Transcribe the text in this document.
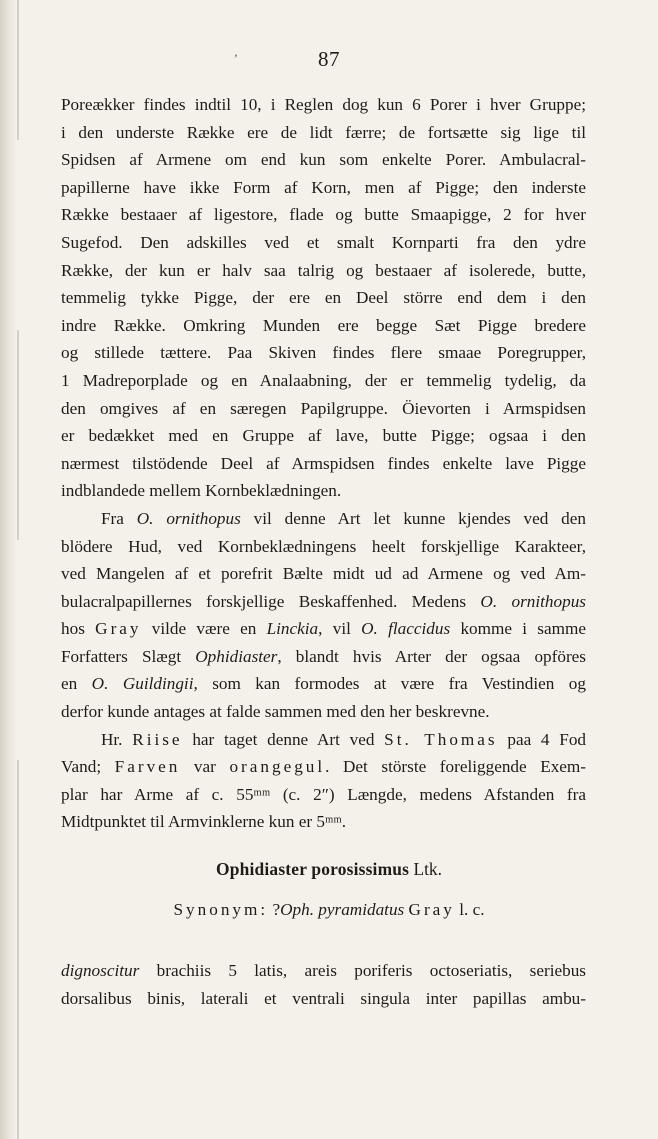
’	87
Poreækker findes indtil 10, i Reglen dog kun 6 Porer i hver Gruppe;
i den underste Række ere de lidt færre; de fortsætte sig lige til
Spidsen af Armene om end kun som enkelte Porer. Ambulacral-
papillerne have ikke Form af Korn, men af Pigge; den inderste
Række bestaaer af ligestore, flade og butte Smaapigge, 2 for hver
Sugefod. Den adskilles ved et smalt Kornparti fra den ydre
Række, der kun er halv saa talrig og bestaaer af isolerede, butte,
temmelig tykke Pigge, der ere en Deel större end dem i den
indre Række. Omkring Munden ere begge Sæt Pigge bredere
og stillede tættere. Paa Skiven findes flere smaae Poregrupper,
1 Madreporplade og en Analaabning, der er temmelig tydelig, da
den omgives af en særegen Papilgruppe. Öievorten i Armspidsen
er bedækket med en Gruppe af lave, butte Pigge; ogsaa i den
nærmest tilstödende Deel af Armspidsen findes enkelte lave Pigge
indblandede mellem Kornbeklædningen.
Fra O. ornithopus vil denne Art let kunne kjendes ved den
blödere Hud, ved Kornbeklædningens heelt forskjellige Karakteer,
ved Mangelen af et porefrit Bælte midt ud ad Armene og ved Am-
bulacralpapillernes forskjellige Beskaffenhed. Medens O. ornithopus
hos Gray vilde være en Linckia, vil O. flaccidus komme i samme
Forfatters Slægt Ophidiaster, blandt hvis Arter der ogsaa opföres
en O. Guildingii, som kan formodes at være fra Vestindien og
derfor kunde antages at falde sammen med den her beskrevne.
Hr. Riise har taget denne Art ved St. Thomas paa 4 Fod
Vand; Farven var orangegul. Det störste foreliggende Exem-
plar har Arme af c. 55ᵐᵐ (c. 2″) Længde, medens Afstanden fra
Midtpunktet til Armvinklerne kun er 5ᵐᵐ.
Ophidiaster porosissimus Ltk.
Synonym: ?Oph. pyramidatus Gray l. c.
dignoscitur brachiis 5 latis, areis poriferis octoseriatis, seriebus
dorsalibus binis, laterali et ventrali singula inter papillas ambu-
